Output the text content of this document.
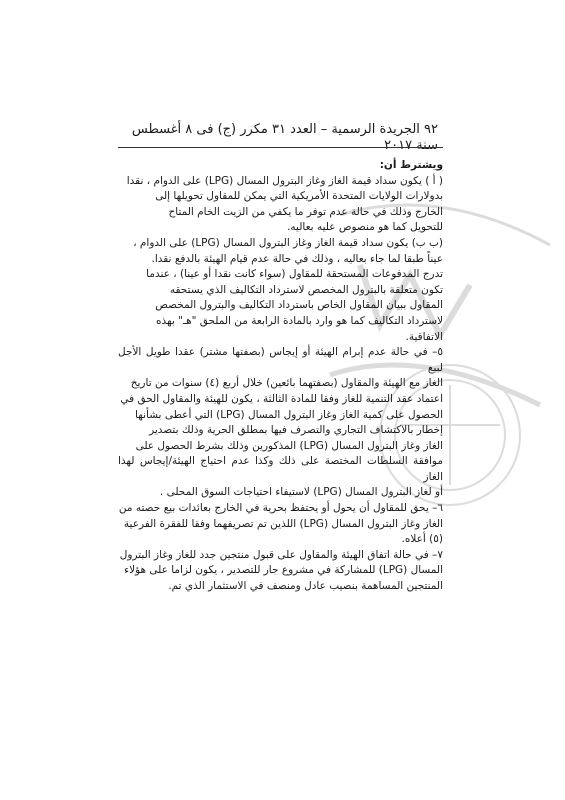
٩٢ الجريدة الرسمية – العدد ٣١ مكرر (ج) فى ٨ أغسطس سنة ٢٠١٧

ويشترط أن:

( أ ) يكون سداد قيمة الغاز وغاز البترول المسال (LPG) على الدوام ، نقدا

بدولارات الولايات المتحدة الأمريكية التي يمكن للمقاول تحويلها إلى

الخارج وذلك في حالة عدم توفر ما يكفي من الزيت الخام المتاح

للتحويل كما هو منصوص عليه بعاليه.

(ب ب) يكون سداد قيمة الغاز وغاز البترول المسال (LPG) على الدوام ،

عيناً طبقا لما جاء بعاليه ، وذلك في حالة عدم قيام الهيئة بالدفع نقدا.

تدرج المدفوعات المستحقة للمقاول (سواء كانت نقدا أو عينا) ، عندما

تكون متعلقة بالبترول المخصص لاسترداد التكاليف الذي يستحقه

المقاول ببيان المقاول الخاص باسترداد التكاليف والبترول المخصص

لاسترداد التكاليف كما هو وارد بالمادة الرابعة من الملحق "هـ" بهذه

الاتفاقية.

٥– في حالة عدم إبرام الهيئة أو إيجاس (بصفتها مشتر) عقدا طويل الأجل لبيع

الغاز مع الهيئة والمقاول (بصفتهما بائعين) خلال أربع (٤) سنوات من تاريخ

اعتماد عقد التنمية للغاز وفقا للمادة الثالثة ، يكون للهيئة والمقاول الحق في

الحصول على كمية الغاز وغاز البترول المسال (LPG) التي أعطى بشأنها

إخطار بالاكتشاف التجاري والتصرف فيها بمطلق الحرية وذلك بتصدير

الغاز وغاز البترول المسال (LPG) المذكورين وذلك بشرط الحصول على

موافقة السلطات المختصة على ذلك وكذا عدم احتياج الهيئة/إيجاس لهذا الغاز

أو لغاز البترول المسال (LPG) لاستيفاء احتياجات السوق المحلى .

٦– يحق للمقاول أن يحول أو يحتفظ بحرية في الخارج بعائدات بيع حصته من

الغاز وغاز البترول المسال (LPG) اللذين تم تصريفهما وفقا للفقرة الفرعية

(٥) أعلاه.

٧– في حالة اتفاق الهيئة والمقاول على قبول منتجين جدد للغاز وغاز البترول

المسال (LPG) للمشاركة في مشروع جار للتصدير ، يكون لزاما على هؤلاء

المنتجين المساهمة بنصيب عادل ومنصف في الاستثمار الذي تم.
